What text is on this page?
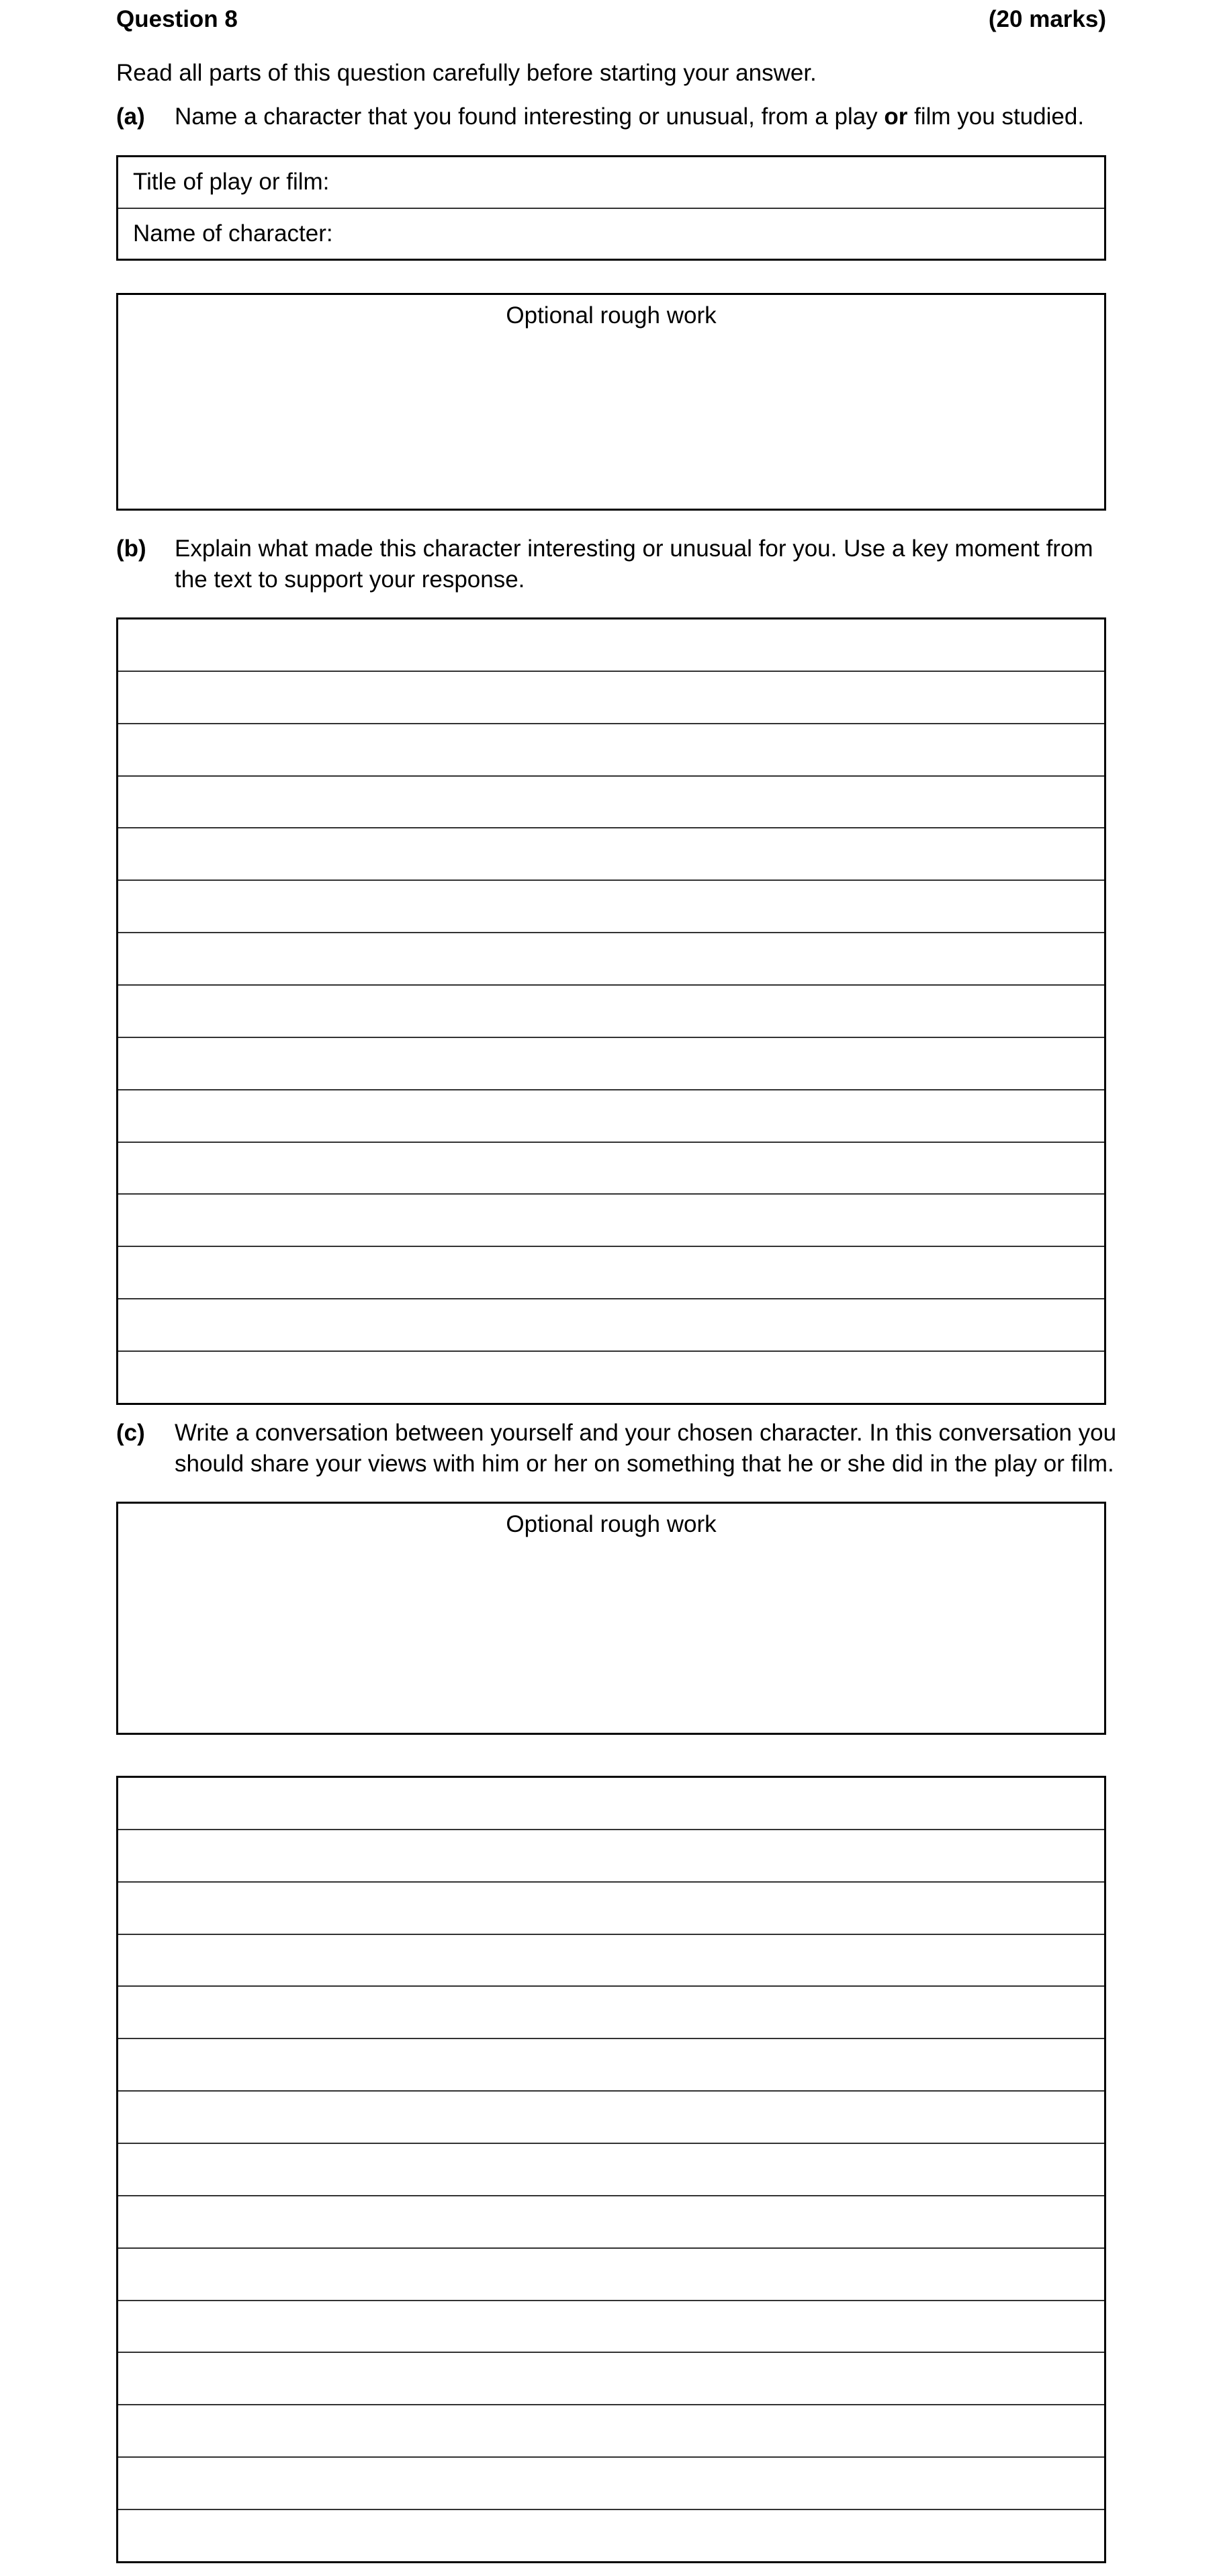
Question 8	(20 marks)
Read all parts of this question carefully before starting your answer.
(a) Name a character that you found interesting or unusual, from a play or film you studied.
Title of play or film:
Name of character:
Optional rough work
(b) Explain what made this character interesting or unusual for you. Use a key moment from
the text to support your response.
(c) Write a conversation between yourself and your chosen character. In this conversation you
should share your views with him or her on something that he or she did in the play or film.
Optional rough work
